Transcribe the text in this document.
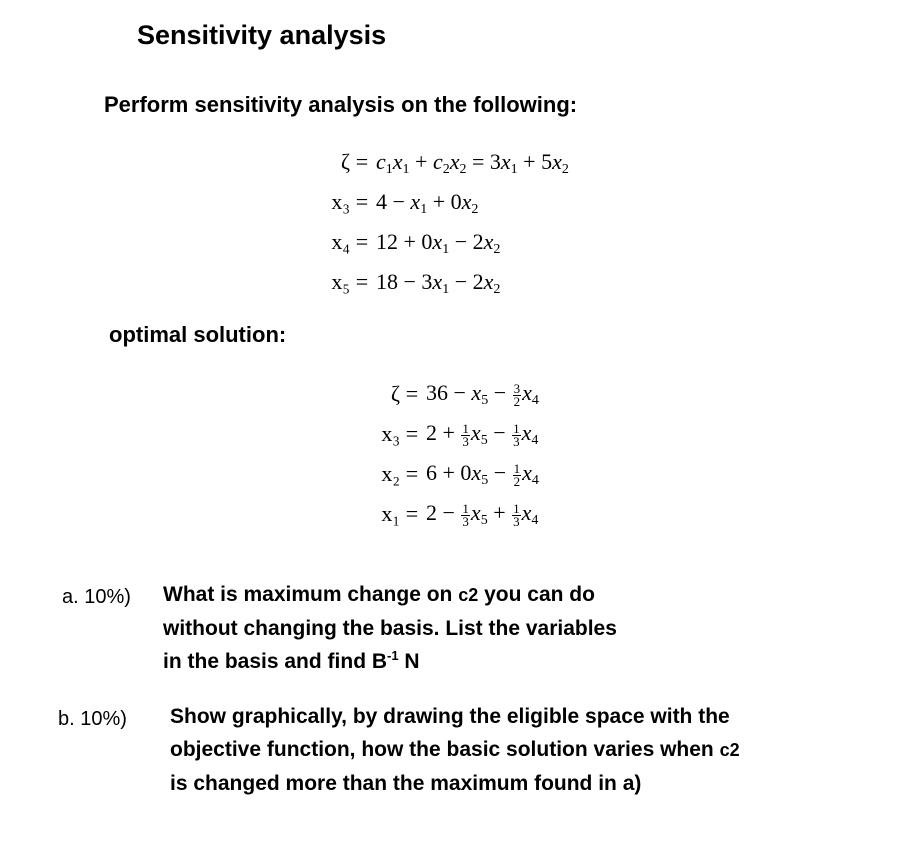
Sensitivity analysis
Perform sensitivity analysis on the following:
$\zeta = c_1x_1 + c_2x_2 = 3x_1 + 5x_2$
$x_3 = 4 - x_1 + 0x_2$
$x_4 = 12 + 0x_1 - 2x_2$
$x_5 = 18 - 3x_1 - 2x_2$
optimal solution:
$\zeta = 36 - x_5 - \frac{3}{2} x_4$
$x_3 = 2 + \frac{1}{3} x_5 - \frac{1}{3} x_4$
$x_2 = 6 + 0x_5 - \frac{1}{2} x_4$
$x_1 = 2 - \frac{1}{3} x_5 + \frac{1}{3} x_4$
a. 10%) What is maximum change on c2 you can do
without changing the basis. List the variables
in the basis and find $B^{-1}$ N
b. 10%) Show graphically, by drawing the eligible space with the
objective function, how the basic solution varies when c2
is changed more than the maximum found in a)
